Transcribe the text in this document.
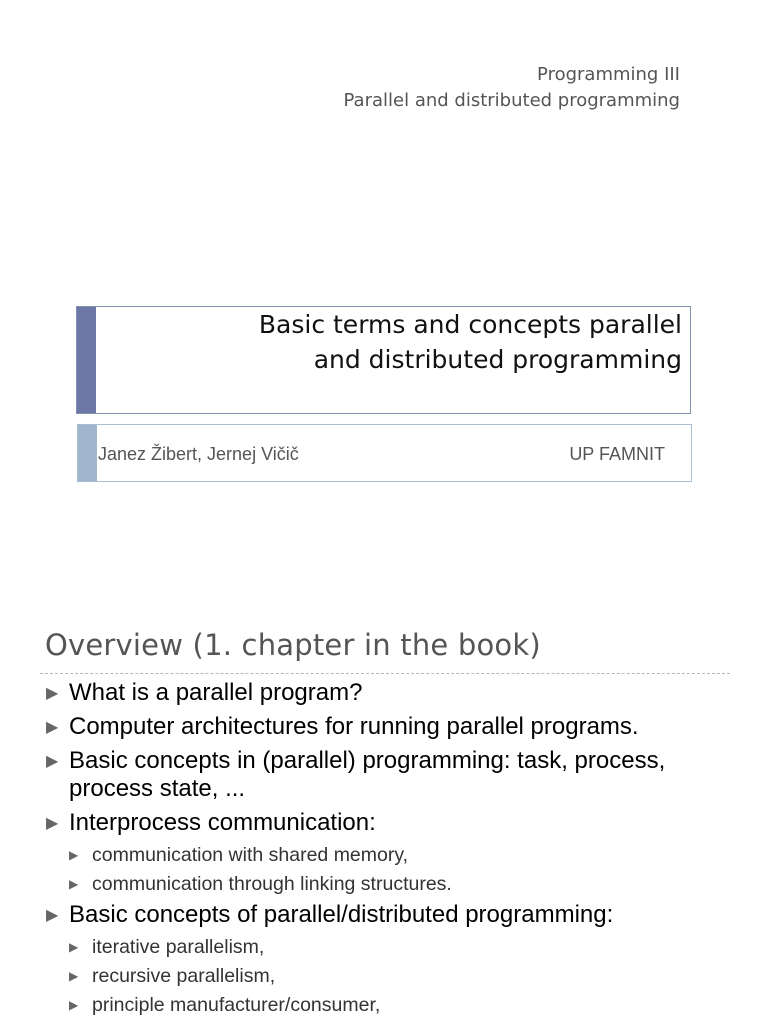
Programming III
Parallel and distributed programming
Basic terms and concepts parallel
and distributed programming
Janez Žibert, Jernej Vičič	UP FAMNIT
Overview (1. chapter in the book)
▶ What is a parallel program?
▶ Computer architectures for running parallel programs.
▶ Basic concepts in (parallel) programming: task, process, process state, ...
▶ Interprocess communication:
▶ communication with shared memory,
▶ communication through linking structures.
▶ Basic concepts of parallel/distributed programming:
▶ iterative parallelism,
▶ recursive parallelism,
▶ principle manufacturer/consumer,
